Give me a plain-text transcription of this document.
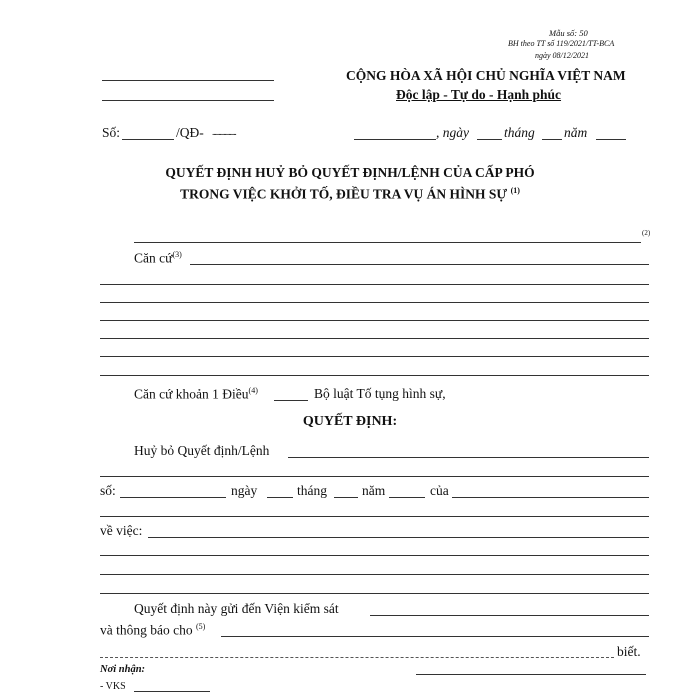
Mẫu số: 50
BH theo TT số 119/2021/TT-BCA
ngày 08/12/2021
CỘNG HÒA XÃ HỘI CHỦ NGHĨA VIỆT NAM
Độc lập - Tự do - Hạnh phúc
Số:	/QĐ- ...................	, ngày	tháng năm
QUYẾT ĐỊNH HUỶ BỎ QUYẾT ĐỊNH/LỆNH CỦA CẤP PHÓ
TRONG VIỆC KHỞI TỐ, ĐIỀU TRA VỤ ÁN HÌNH SỰ $^{(1)}$
(2)
Căn cứ$^{(3)}$
Căn cứ khoản 1 Điều$^{(4)}$	Bộ luật Tố tụng hình sự,
QUYẾT ĐỊNH:
Huỷ bỏ Quyết định/Lệnh
số:	ngày	tháng	năm	của
về việc:
Quyết định này gửi đến Viện kiểm sát
và thông báo cho $^{(5)}$
biết.
Nơi nhận:
- VKS
